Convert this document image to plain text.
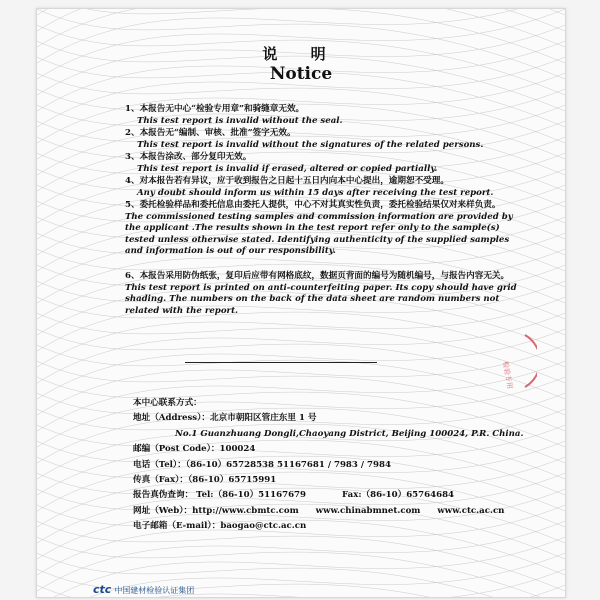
说 明
Notice
1、本报告无中心“检验专用章”和骑缝章无效。
This test report is invalid without the seal.
2、本报告无“编制、审核、批准”签字无效。
This test report is invalid without the signatures of the related persons.
3、本报告涂改、部分复印无效。
This test report is invalid if erased, altered or copied partially.
4、对本报告若有异议，应于收到报告之日起十五日内向本中心提出，逾期恕不受理。
Any doubt should inform us within 15 days after receiving the test report.
5、委托检验样品和委托信息由委托人提供，中心不对其真实性负责，委托检验结果仅对来样负责。
The commissioned testing samples and commission information are provided by the applicant .The results shown in the test report refer only to the sample(s) tested unless otherwise stated. Identifying authenticity of the supplied samples and information is out of our responsibility.
6、本报告采用防伪纸张，复印后应带有网格底纹，数据页背面的编号为随机编号，与报告内容无关。
This test report is printed on anti-counterfeiting paper. Its copy should have grid shading. The numbers on the back of the data sheet are random numbers not related with the report.
检验专用
本中心联系方式：
地址（Address）：北京市朝阳区管庄东里 1 号
No.1 Guanzhuang Dongli,Chaoyang District, Beijing 100024, P.R. China.
邮编（Post Code）：100024
电话（Tel）：（86-10）65728538 51167681 / 7983 / 7984
传真（Fax）：（86-10）65715991
报告真伪查询： Tel:（86-10）51167679	Fax:（86-10）65764684
网址（Web）：http://www.cbmtc.com www.chinabmnet.com www.ctc.ac.cn
电子邮箱（E-mail）：baogao@ctc.ac.cn
ctc 中国建材检验认证集团
